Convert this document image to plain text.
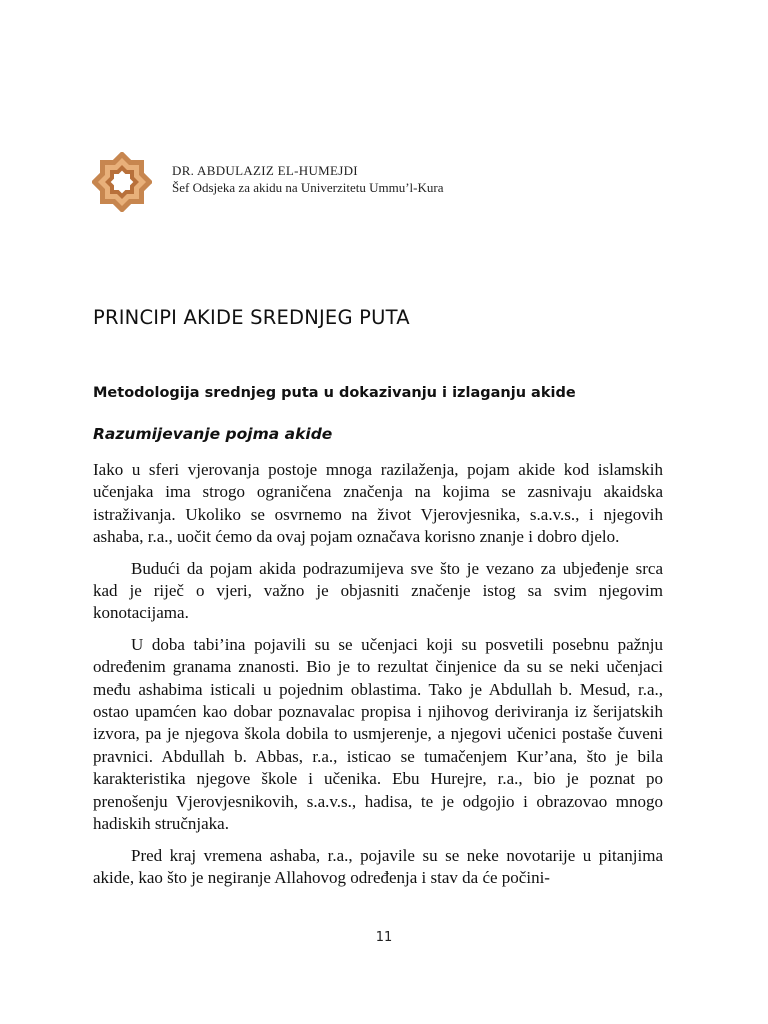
DR. ABDULAZIZ EL-HUMEJDI
Šef Odsjeka za akidu na Univerzitetu Ummu’l-Kura
PRINCIPI AKIDE SREDNJEG PUTA
Metodologija srednjeg puta u dokazivanju i izlaganju akide
Razumijevanje pojma akide

Iako u sferi vjerovanja postoje mnoga razilaženja, pojam akide kod islamskih učenjaka ima strogo ograničena značenja na kojima se zasnivaju akaidska istraživanja. Ukoliko se osvrnemo na život Vjerovjesnika, s.a.v.s., i njegovih ashaba, r.a., uočit ćemo da ovaj pojam označava korisno znanje i dobro djelo.

Budući da pojam akida podrazumijeva sve što je vezano za ubjeđenje srca kad je riječ o vjeri, važno je objasniti značenje istog sa svim njegovim konotacijama.

U doba tabi’ina pojavili su se učenjaci koji su posvetili posebnu pažnju određenim granama znanosti. Bio je to rezultat činjenice da su se neki učenjaci među ashabima isticali u pojednim oblastima. Tako je Abdullah b. Mesud, r.a., ostao upamćen kao dobar poznavalac propisa i njihovog deriviranja iz šerijatskih izvora, pa je njegova škola dobila to usmjerenje, a njegovi učenici postaše čuveni pravnici. Abdullah b. Abbas, r.a., isticao se tumačenjem Kur’ana, što je bila karakteristika njegove škole i učenika. Ebu Hurejre, r.a., bio je poznat po prenošenju Vjerovjesnikovih, s.a.v.s., hadisa, te je odgojio i obrazovao mnogo hadiskih stručnjaka.

Pred kraj vremena ashaba, r.a., pojavile su se neke novotarije u pitanjima akide, kao što je negiranje Allahovog određenja i stav da će počini-

11
